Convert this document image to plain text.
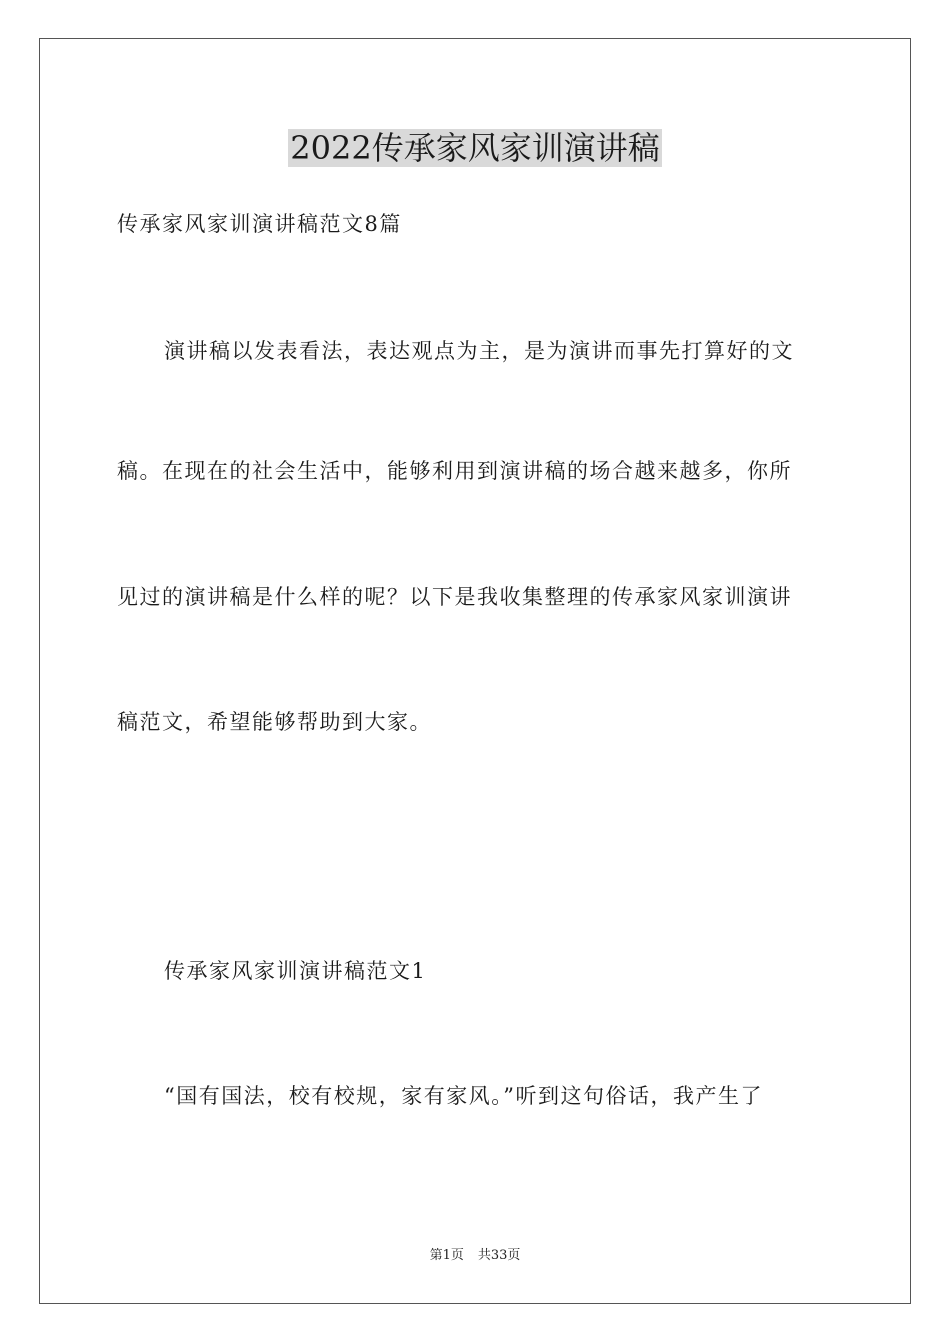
2022传承家风家训演讲稿
传承家风家训演讲稿范文8篇
演讲稿以发表看法，表达观点为主，是为演讲而事先打算好的文
稿。在现在的社会生活中，能够利用到演讲稿的场合越来越多，你所
见过的演讲稿是什么样的呢？以下是我收集整理的传承家风家训演讲
稿范文，希望能够帮助到大家。
传承家风家训演讲稿范文1
“国有国法，校有校规，家有家风。”听到这句俗话，我产生了
第1页 共33页
